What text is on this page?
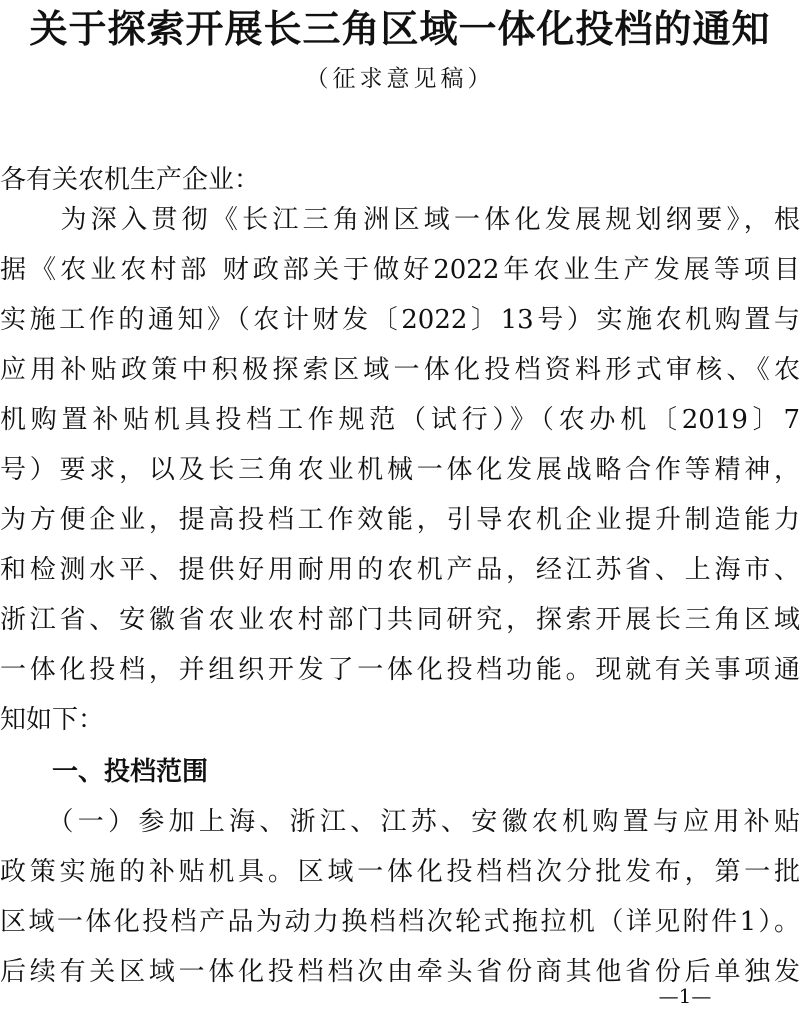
关于探索开展长三角区域一体化投档的通知
（征求意见稿）
各有关农机生产企业：
　　为深入贯彻《长江三角洲区域一体化发展规划纲要》，根
据《农业农村部 财政部关于做好2022年农业生产发展等项目
实施工作的通知》（农计财发〔2022〕13号）实施农机购置与
应用补贴政策中积极探索区域一体化投档资料形式审核、《农
机购置补贴机具投档工作规范（试行）》（农办机〔2019〕7
号）要求，以及长三角农业机械一体化发展战略合作等精神，
为方便企业，提高投档工作效能，引导农机企业提升制造能力
和检测水平、提供好用耐用的农机产品，经江苏省、上海市、
浙江省、安徽省农业农村部门共同研究，探索开展长三角区域
一体化投档，并组织开发了一体化投档功能。现就有关事项通
知如下：
　　一、投档范围
　　（一）参加上海、浙江、江苏、安徽农机购置与应用补贴
政策实施的补贴机具。区域一体化投档档次分批发布，第一批
区域一体化投档产品为动力换档档次轮式拖拉机（详见附件1）。
后续有关区域一体化投档档次由牵头省份商其他省份后单独发
—1—
